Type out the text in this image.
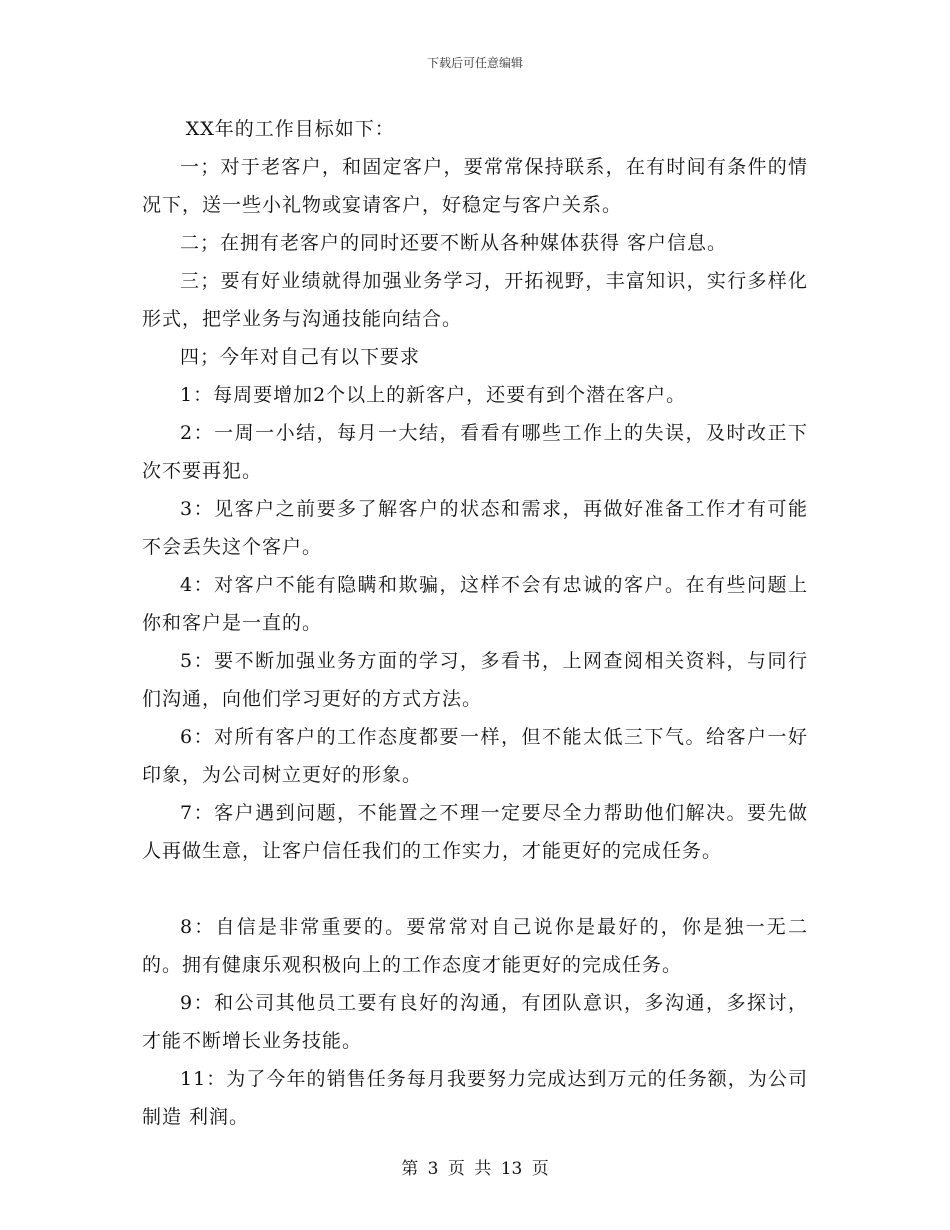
下载后可任意编辑

XX年的工作目标如下：

一；对于老客户，和固定客户，要常常保持联系，在有时间有条件的情况下，送一些小礼物或宴请客户，好稳定与客户关系。

二；在拥有老客户的同时还要不断从各种媒体获得 客户信息。

三；要有好业绩就得加强业务学习，开拓视野，丰富知识，实行多样化形式，把学业务与沟通技能向结合。

四；今年对自己有以下要求

1：每周要增加2个以上的新客户，还要有到个潜在客户。

2：一周一小结，每月一大结，看看有哪些工作上的失误，及时改正下次不要再犯。

3：见客户之前要多了解客户的状态和需求，再做好准备工作才有可能不会丢失这个客户。

4：对客户不能有隐瞒和欺骗，这样不会有忠诚的客户。在有些问题上你和客户是一直的。

5：要不断加强业务方面的学习，多看书，上网查阅相关资料，与同行们沟通，向他们学习更好的方式方法。

6：对所有客户的工作态度都要一样，但不能太低三下气。给客户一好印象，为公司树立更好的形象。

7：客户遇到问题，不能置之不理一定要尽全力帮助他们解决。要先做人再做生意，让客户信任我们的工作实力，才能更好的完成任务。

8：自信是非常重要的。要常常对自己说你是最好的，你是独一无二的。拥有健康乐观积极向上的工作态度才能更好的完成任务。

9：和公司其他员工要有良好的沟通，有团队意识，多沟通，多探讨，才能不断增长业务技能。

11：为了今年的销售任务每月我要努力完成达到万元的任务额，为公司制造 利润。

第 3 页 共 13 页
